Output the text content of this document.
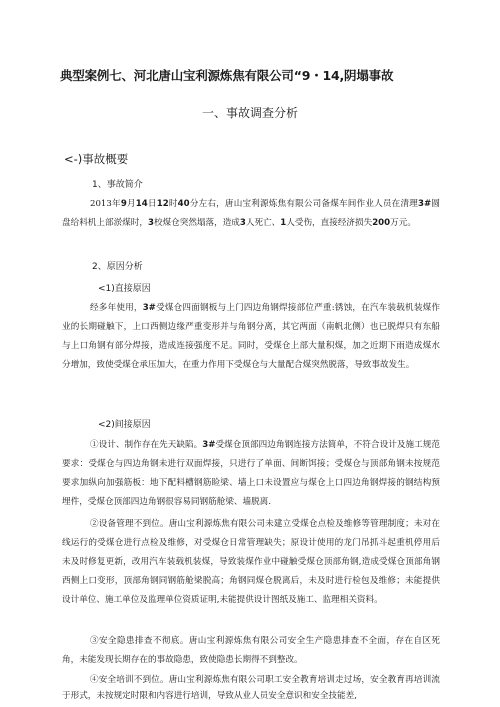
典型案例七、河北唐山宝利源炼焦有限公司“9・14,阴塌事故
一、事故调查分析
<-)事故概要
1、事故简介

2013年9月14日12时40分左右，唐山宝利源炼焦有限公司备煤车间作业人员在清理3#圆盘给料机上部淤煤时，3校煤仓突然塌落，造成3人死亡、1人受伤，直接经济损失200万元。

2、原因分析
<1)直接原因

经多年使用，3#受煤仓四面钢板与上门四边角钢焊接部位严重:锈蚀，在汽车装载机装煤作业的长期碰触下，上口西侧边缘严重变形并与角钢分离，其它两面（南帆北侧）也已脱焊只有东船与上口角钢有部分焊接，造成连接强度不足。同时，受煤仓上部大量积煤，加之近期下雨造成煤水分增加，致使受煤仓承压加大，在重力作用下受煤仓与大量配合煤突然脱落，导致事故发生。

<2)间接原因

①设计、制作存在先天缺陷。3#受煤仓顶部四边角钢连接方法简单，不符合设计及施工规范要求：受煤仓与四边角钢未进行双面焊接，只进行了单面、间断饵接；受煤仓与顶部角钢未按规范要求加纵向加强筋板：地下配料槽钢筋睑梁、墙上口未设置应与煤仓上口四边角钢焊接的钢结构预埋件，受煤仓顶部四边角钢很容易同钢筋舱梁、墙脱离.

②设备管理不到位。唐山宝利源炼焦有限公司未建立受煤仓点检及维修等管理制度；未对在线运行的受煤仓进行点检及维修，对受煤仓日常管理缺失；原设计使用的龙门吊抓斗起重机停用后未及时修复更新，改用汽车装载机装煤，导致装煤作业中碰触受煤仓顶部角钢,造成受煤仓顶部角钢西侧上口变形，顶部角钢同钢筋舱梁脱高；角钢同煤仓脱离后，未及时进行检包及维修；未能提供设计单位、施工单位及监理单位资质证明,未能提供设计图纸及施工、监理相关资料。

③安全隐患排查不彻底。唐山宝利源炼焦有限公司安全生产隐患排查不全面，存在自区死角，未能发现长期存在的事故隐患，致使隐患长期得不到整改。

④安全培训不到位。唐山宝利源炼焦有限公司职工安全教育培训走过场，安全教育再培训流于形式，未按规定时限和内容进行培训，导致从业人员安全意识和安全技能差,
